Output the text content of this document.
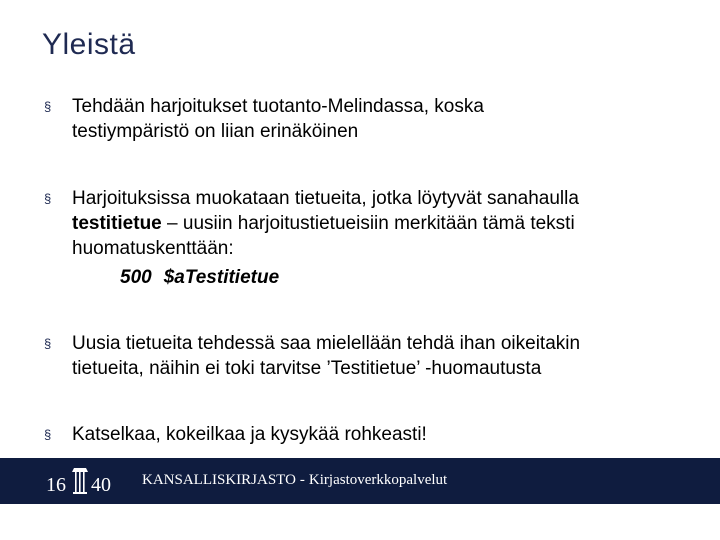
Yleistä
§	Tehdään harjoitukset tuotanto-Melindassa, koska
testiympäristö on liian erinäköinen
§	Harjoituksissa muokataan tietueita, jotka löytyvät sanahaulla
testitietue – uusiin harjoitustietueisiin merkitään tämä teksti
huomatuskenttään:
500 $aTestitietue
§	Uusia tietueita tehdessä saa mielellään tehdä ihan oikeitakin
tietueita, näihin ei toki tarvitse ’Testitietue’ -huomautusta
§	Katselkaa, kokeilkaa ja kysykää rohkeasti!
16 40 KANSALLISKIRJASTO - Kirjastoverkkopalvelut
